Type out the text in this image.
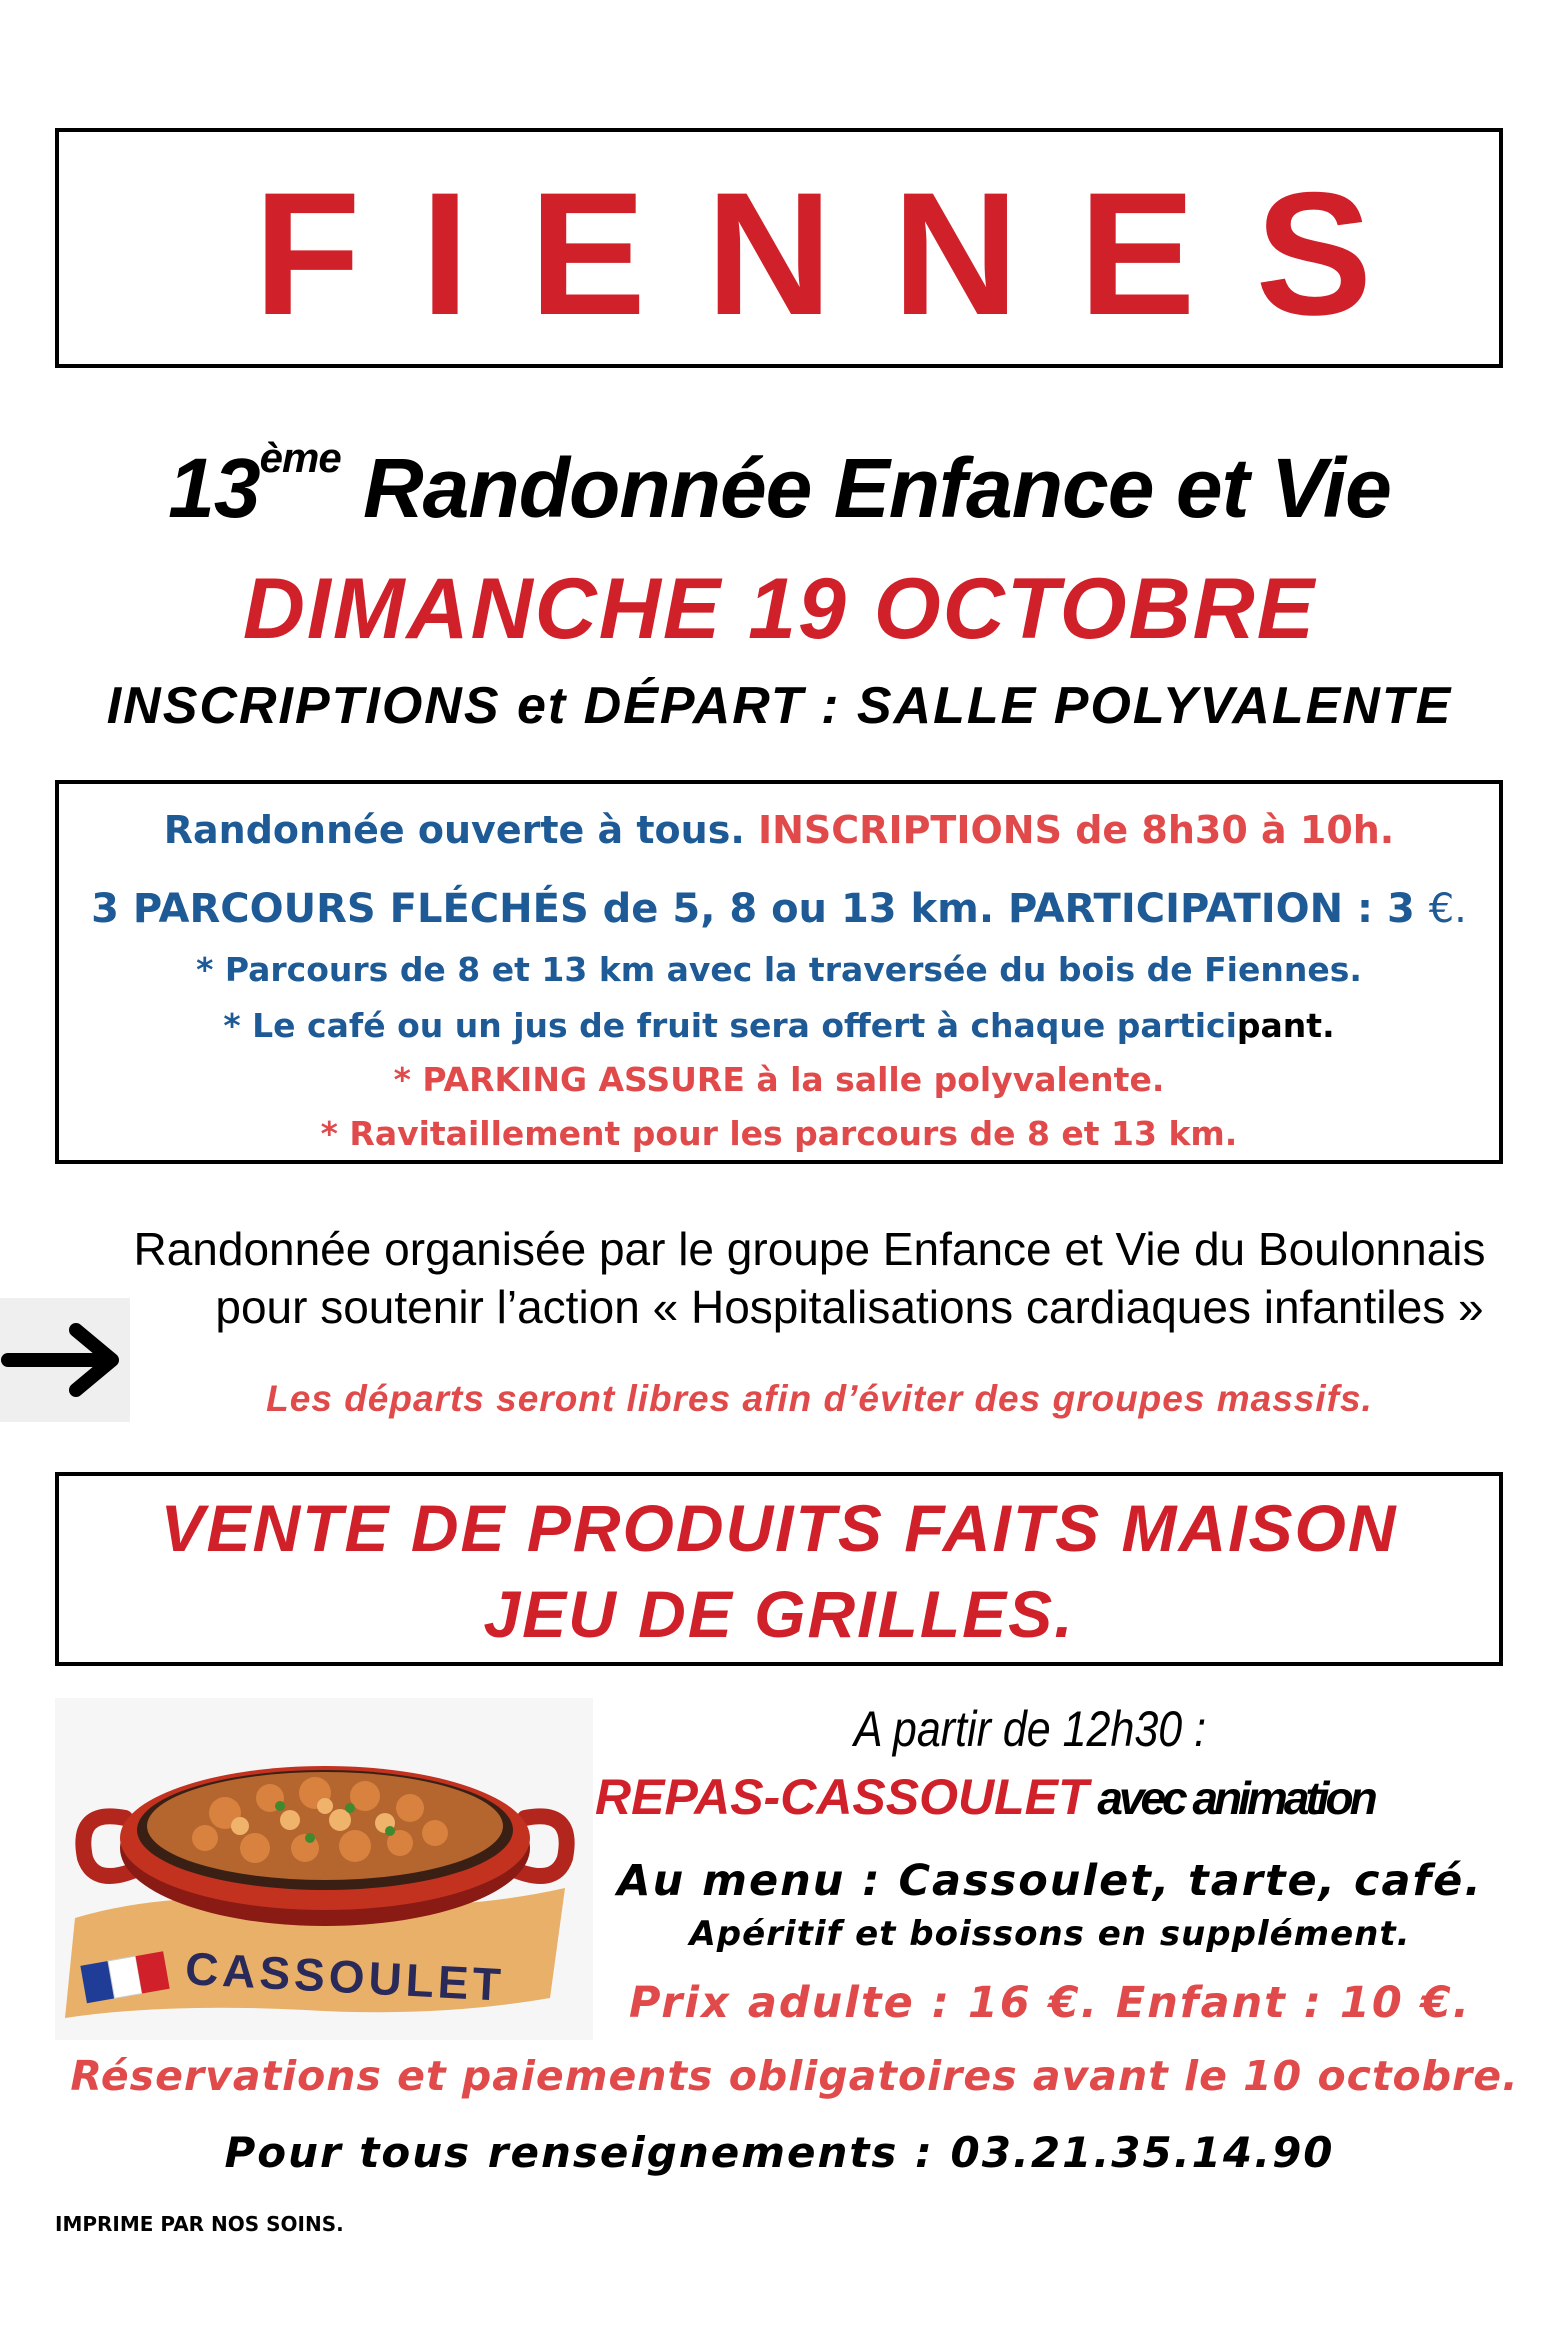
FIENNES
13ème Randonnée Enfance et Vie
DIMANCHE 19 OCTOBRE
INSCRIPTIONS et DÉPART : SALLE POLYVALENTE
Randonnée ouverte à tous. INSCRIPTIONS de 8h30 à 10h.
3 PARCOURS FLÉCHÉS de 5, 8 ou 13 km. PARTICIPATION : 3 €.
* Parcours de 8 et 13 km avec la traversée du bois de Fiennes.
* Le café ou un jus de fruit sera offert à chaque participant.
* PARKING ASSURE à la salle polyvalente.
* Ravitaillement pour les parcours de 8 et 13 km.
Randonnée organisée par le groupe Enfance et Vie du Boulonnais
pour soutenir l’action « Hospitalisations cardiaques infantiles »
Les départs seront libres afin d’éviter des groupes massifs.
VENTE DE PRODUITS FAITS MAISON
JEU DE GRILLES.
CASSOULET
A partir de 12h30 :
REPAS-CASSOULET avec animation
Au menu : Cassoulet, tarte, café.
Apéritif et boissons en supplément.
Prix adulte : 16 €. Enfant : 10 €.
Réservations et paiements obligatoires avant le 10 octobre.
Pour tous renseignements : 03.21.35.14.90
IMPRIME PAR NOS SOINS.
